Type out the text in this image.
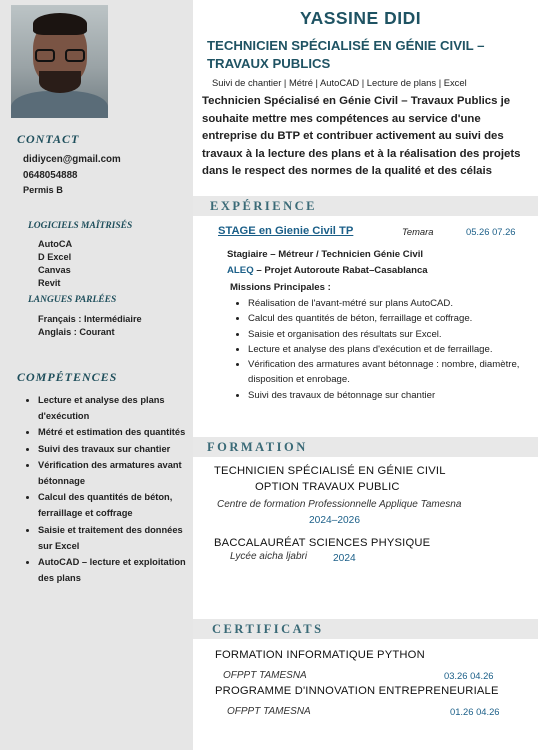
CONTACT
didiycen@gmail.com
0648054888
Permis B
LOGICIELS MAÎTRISÉS
AutoCA
D Excel
Canvas
Revit
LANGUES PARLÉES
Français : Intermédiaire
Anglais : Courant
COMPÉTENCES
• Lecture et analyse des plans d'exécution
• Métré et estimation des quantités
• Suivi des travaux sur chantier
• Vérification des armatures avant bétonnage
• Calcul des quantités de béton, ferraillage et coffrage
• Saisie et traitement des données sur Excel
• AutoCAD – lecture et exploitation des plans
YASSINE DIDI
TECHNICIEN SPÉCIALISÉ EN GÉNIE CIVIL – TRAVAUX PUBLICS
Suivi de chantier | Métré | AutoCAD | Lecture de plans | Excel
Technicien Spécialisé en Génie Civil – Travaux Publics je souhaite mettre mes compétences au service d'une entreprise du BTP et contribuer activement au suivi des travaux à la lecture des plans et à la réalisation des projets dans le respect des normes de la qualité et des célais
EXPÉRIENCE
STAGE en Gienie Civil TP	Temara	05.26 07.26
Stagiaire – Métreur / Technicien Génie Civil
ALEQ – Projet Autoroute Rabat–Casablanca
Missions Principales :
• Réalisation de l'avant-métré sur plans AutoCAD.
• Calcul des quantités de béton, ferraillage et coffrage.
• Saisie et organisation des résultats sur Excel.
• Lecture et analyse des plans d'exécution et de ferraillage.
• Vérification des armatures avant bétonnage : nombre, diamètre, disposition et enrobage.
• Suivi des travaux de bétonnage sur chantier
FORMATION
TECHNICIEN SPÉCIALISÉ EN GÉNIE CIVIL
OPTION TRAVAUX PUBLIC
Centre de formation Professionnelle Applique Tamesna
2024–2026
BACCALAURÉAT SCIENCES PHYSIQUE
Lycée aicha ljabri	2024
CERTIFICATS
FORMATION INFORMATIQUE PYTHON
OFPPT TAMESNA	03.26 04.26
PROGRAMME D'INNOVATION ENTREPRENEURIALE
OFPPT TAMESNA	01.26 04.26
